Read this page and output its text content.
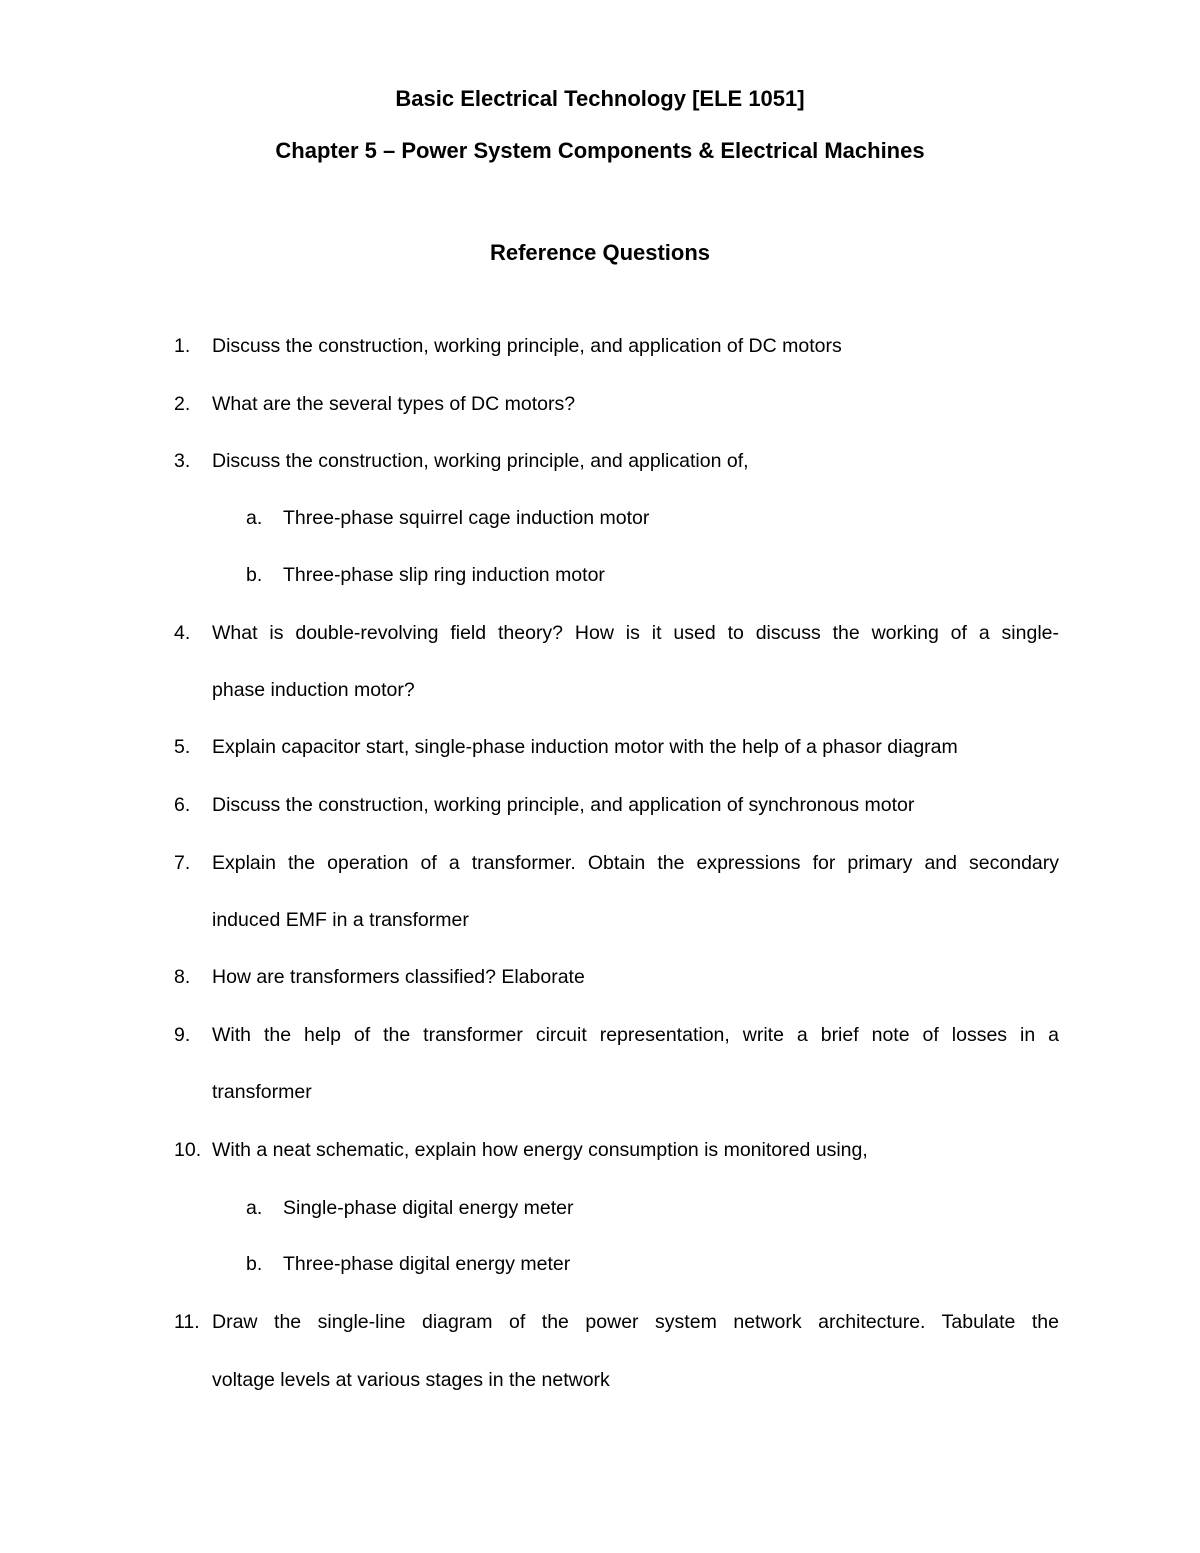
Basic Electrical Technology [ELE 1051]
Chapter 5 – Power System Components & Electrical Machines
Reference Questions
1. Discuss the construction, working principle, and application of DC motors
2. What are the several types of DC motors?
3. Discuss the construction, working principle, and application of,
a. Three-phase squirrel cage induction motor
b. Three-phase slip ring induction motor
4. What is double-revolving field theory? How is it used to discuss the working of a single-
phase induction motor?
5. Explain capacitor start, single-phase induction motor with the help of a phasor diagram
6. Discuss the construction, working principle, and application of synchronous motor
7. Explain the operation of a transformer. Obtain the expressions for primary and secondary
induced EMF in a transformer
8. How are transformers classified? Elaborate
9. With the help of the transformer circuit representation, write a brief note of losses in a
transformer
10. With a neat schematic, explain how energy consumption is monitored using,
a. Single-phase digital energy meter
b. Three-phase digital energy meter
11. Draw the single-line diagram of the power system network architecture. Tabulate the
voltage levels at various stages in the network
